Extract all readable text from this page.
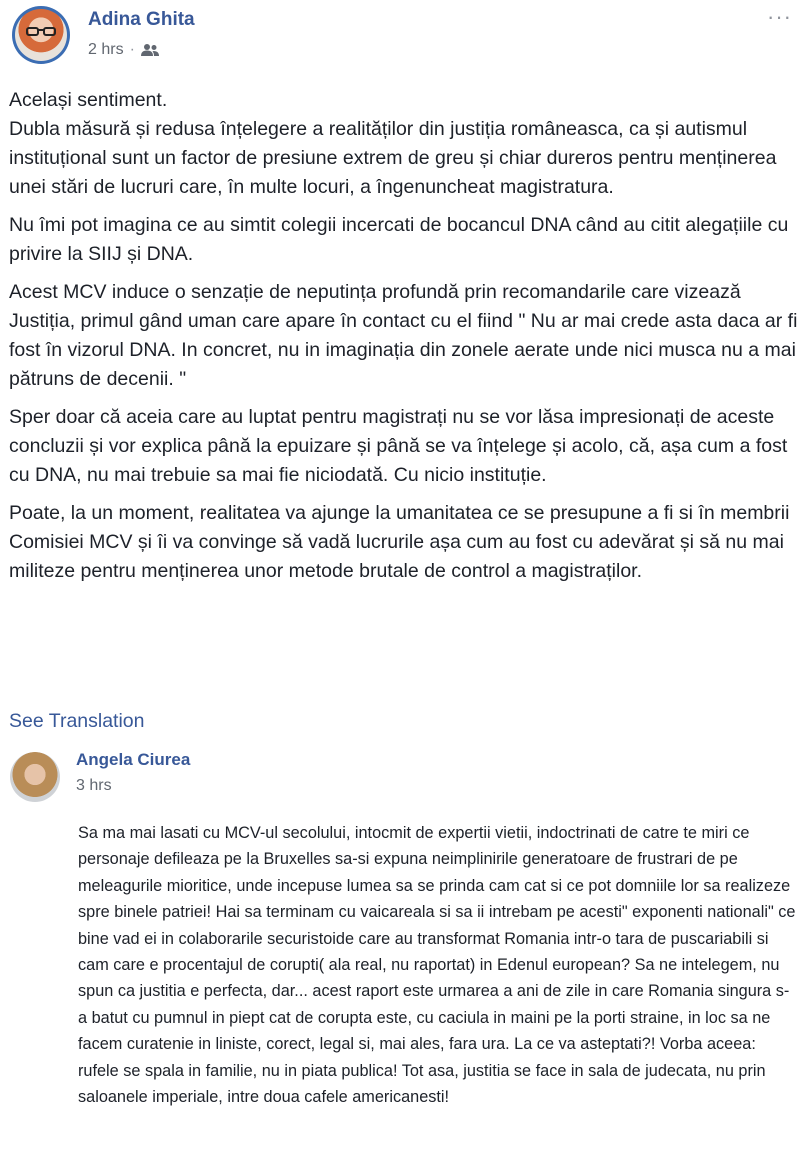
Adina Ghita
2 hrs ·
···

Același sentiment.
Dubla măsură și redusa înțelegere a realităților din justiția româneasca, ca și autismul instituțional sunt un factor de presiune extrem de greu și chiar dureros pentru menținerea unei stări de lucruri care, în multe locuri, a îngenuncheat magistratura.

Nu îmi pot imagina ce au simtit colegii incercati de bocancul DNA când au citit alegațiile cu privire la SIIJ și DNA.

Acest MCV induce o senzație de neputința profundă prin recomandarile care vizează Justiția, primul gând uman care apare în contact cu el fiind " Nu ar mai crede asta daca ar fi fost în vizorul DNA. In concret, nu in imaginația din zonele aerate unde nici musca nu a mai pătruns de decenii. "

Sper doar că aceia care au luptat pentru magistrați nu se vor lăsa impresionați de aceste concluzii și vor explica până la epuizare și până se va înțelege și acolo, că, așa cum a fost cu DNA, nu mai trebuie sa mai fie niciodată. Cu nicio instituție.

Poate, la un moment, realitatea va ajunge la umanitatea ce se presupune a fi si în membrii Comisiei MCV și îi va convinge să vadă lucrurile așa cum au fost cu adevărat și să nu mai militeze pentru menținerea unor metode brutale de control a magistraților.

See Translation
Angela Ciurea
3 hrs
Sa ma mai lasati cu MCV-ul secolului, intocmit de expertii vietii, indoctrinati de catre te miri ce personaje defileaza pe la Bruxelles sa-si expuna neimplinirile generatoare de frustrari de pe meleagurile mioritice, unde incepuse lumea sa se prinda cam cat si ce pot domniile lor sa realizeze spre binele patriei! Hai sa terminam cu vaicareala si sa ii intrebam pe acesti" exponenti nationali" ce bine vad ei in colaborarile securistoide care au transformat Romania intr-o tara de puscariabili si cam care e procentajul de corupti( ala real, nu raportat) in Edenul european? Sa ne intelegem, nu spun ca justitia e perfecta, dar... acest raport este urmarea a ani de zile in care Romania singura s-a batut cu pumnul in piept cat de corupta este, cu caciula in maini pe la porti straine, in loc sa ne facem curatenie in liniste, corect, legal si, mai ales, fara ura. La ce va asteptati?! Vorba aceea: rufele se spala in familie, nu in piata publica! Tot asa, justitia se face in sala de judecata, nu prin saloanele imperiale, intre doua cafele americanesti!
